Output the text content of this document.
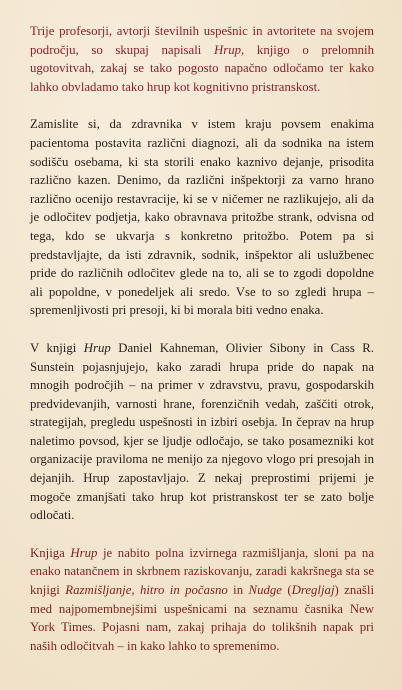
Trije profesorji, avtorji številnih uspešnic in avtoritete na svojem področju, so skupaj napisali Hrup, knjigo o prelomnih ugotovitvah, zakaj se tako pogosto napačno odločamo ter kako lahko obvladamo tako hrup kot kognitivno pristranskost.

Zamislite si, da zdravnika v istem kraju povsem enakima pacientoma postavita različni diagnozi, ali da sodnika na istem sodišču osebama, ki sta storili enako kaznivo dejanje, prisodita različno kazen. Denimo, da različni inšpektorji za varno hrano različno ocenijo restavracije, ki se v ničemer ne razlikujejo, ali da je odločitev podjetja, kako obravnava pritožbe strank, odvisna od tega, kdo se ukvarja s konkretno pritožbo. Potem pa si predstavljajte, da isti zdravnik, sodnik, inšpektor ali uslužbenec pride do različnih odločitev glede na to, ali se to zgodi dopoldne ali popoldne, v ponedeljek ali sredo. Vse to so zgledi hrupa – spremenljivosti pri presoji, ki bi morala biti vedno enaka.

V knjigi Hrup Daniel Kahneman, Olivier Sibony in Cass R. Sunstein pojasnjujejo, kako zaradi hrupa pride do napak na mnogih področjih – na primer v zdravstvu, pravu, gospodarskih predvidevanjih, varnosti hrane, forenzičnih vedah, zaščiti otrok, strategijah, pregledu uspešnosti in izbiri osebja. In čeprav na hrup naletimo povsod, kjer se ljudje odločajo, se tako posamezniki kot organizacije praviloma ne menijo za njegovo vlogo pri presojah in dejanjih. Hrup zapostavljajo. Z nekaj preprostimi prijemi je mogoče zmanjšati tako hrup kot pristranskost ter se zato bolje odločati.

Knjiga Hrup je nabito polna izvirnega razmišljanja, sloni pa na enako natančnem in skrbnem raziskovanju, zaradi kakršnega sta se knjigi Razmišljanje, hitro in počasno in Nudge (Dregljaj) znašli med najpomembnejšimi uspešnicami na seznamu časnika New York Times. Pojasni nam, zakaj prihaja do tolikšnih napak pri naših odločitvah – in kako lahko to spremenimo.
